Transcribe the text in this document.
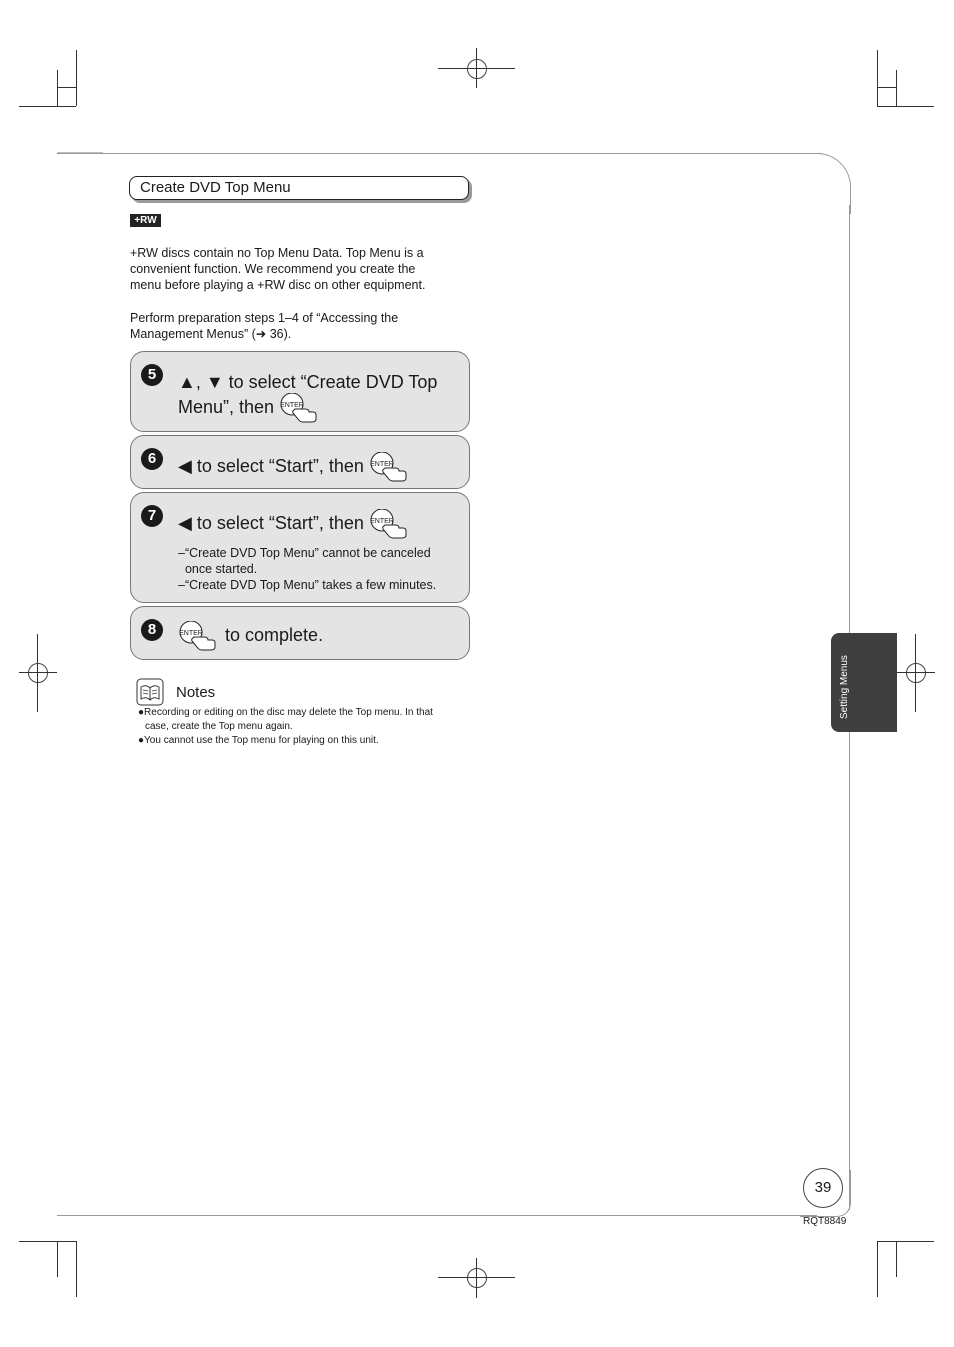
Create DVD Top Menu
+RW
+RW discs contain no Top Menu Data. Top Menu is a
convenient function. We recommend you create the
menu before playing a +RW disc on other equipment.
Perform preparation steps 1–4 of “Accessing the
Management Menus” (➜ 36).
5	▲, ▼ to select “Create DVD Top
Menu”, then ENTER
6	◀ to select “Start”, then ENTER
7	◀ to select “Start”, then ENTER
–“Create DVD Top Menu” cannot be canceled
once started.
–“Create DVD Top Menu” takes a few minutes.
8	ENTER to complete.
Notes
●Recording or editing on the disc may delete the Top menu. In that
case, create the Top menu again.
●You cannot use the Top menu for playing on this unit.
Setting Menus
39
RQT8849
